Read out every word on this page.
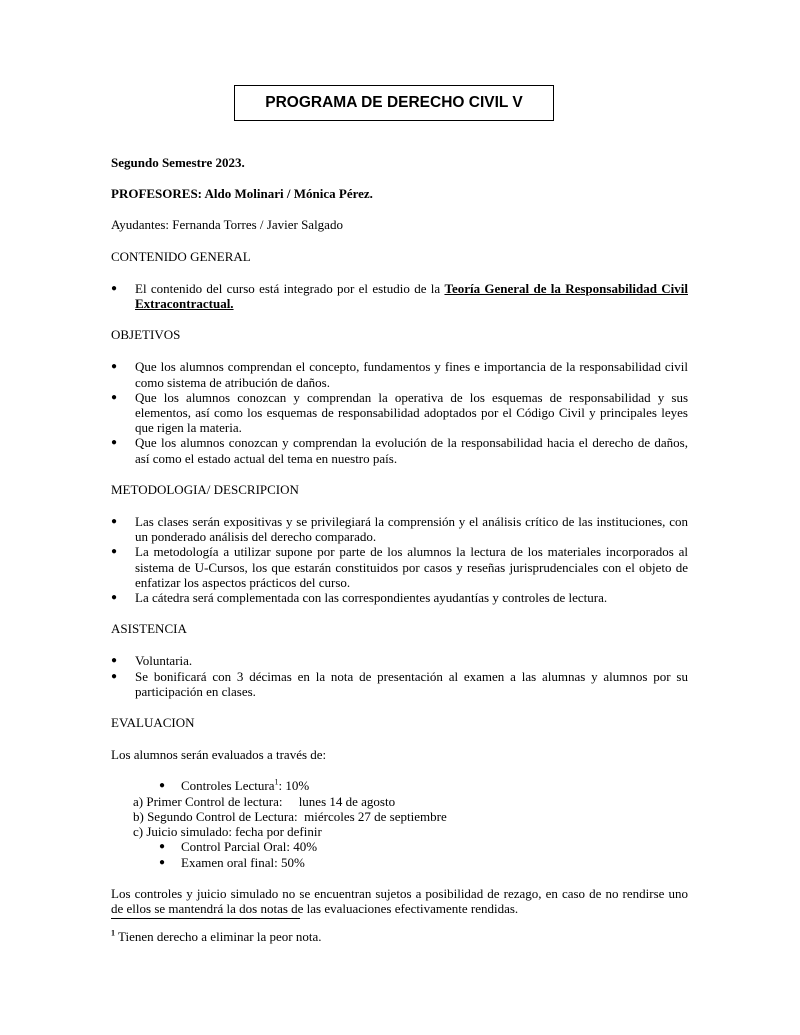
PROGRAMA DE DERECHO CIVIL V

Segundo Semestre 2023.

PROFESORES: Aldo Molinari / Mónica Pérez.

Ayudantes: Fernanda Torres / Javier Salgado

CONTENIDO GENERAL

● El contenido del curso está integrado por el estudio de la Teoría General de la Responsabilidad Civil Extracontractual.

OBJETIVOS

● Que los alumnos comprendan el concepto, fundamentos y fines e importancia de la responsabilidad civil como sistema de atribución de daños.
● Que los alumnos conozcan y comprendan la operativa de los esquemas de responsabilidad y sus elementos, así como los esquemas de responsabilidad adoptados por el Código Civil y principales leyes que rigen la materia.
● Que los alumnos conozcan y comprendan la evolución de la responsabilidad hacia el derecho de daños, así como el estado actual del tema en nuestro país.

METODOLOGIA/ DESCRIPCION

● Las clases serán expositivas y se privilegiará la comprensión y el análisis crítico de las instituciones, con un ponderado análisis del derecho comparado.
● La metodología a utilizar supone por parte de los alumnos la lectura de los materiales incorporados al sistema de U-Cursos, los que estarán constituidos por casos y reseñas jurisprudenciales con el objeto de enfatizar los aspectos prácticos del curso.
● La cátedra será complementada con las correspondientes ayudantías y controles de lectura.

ASISTENCIA

● Voluntaria.
● Se bonificará con 3 décimas en la nota de presentación al examen a las alumnas y alumnos por su participación en clases.

EVALUACION

Los alumnos serán evaluados a través de:

● Controles Lectura$^1$: 10%

a) Primer Control de lectura:     lunes 14 de agosto

b) Segundo Control de Lectura:  miércoles 27 de septiembre

c) Juicio simulado: fecha por definir

● Control Parcial Oral: 40%
● Examen oral final: 50%

Los controles y juicio simulado no se encuentran sujetos a posibilidad de rezago, en caso de no rendirse uno de ellos se mantendrá la dos notas de las evaluaciones efectivamente rendidas.

$^1$ Tienen derecho a eliminar la peor nota.
